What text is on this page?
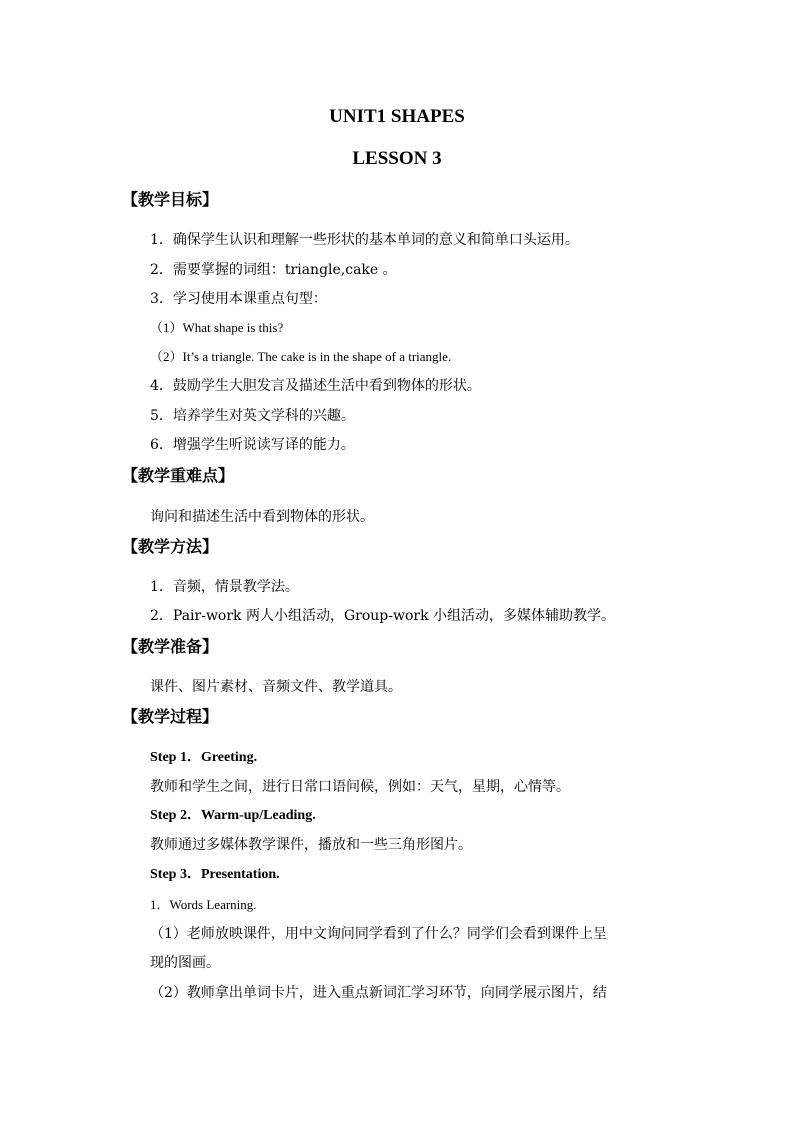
UNIT1 SHAPES
LESSON 3
【教学目标】
1．确保学生认识和理解一些形状的基本单词的意义和简单口头运用。
2．需要掌握的词组：triangle,cake 。
3．学习使用本课重点句型：
（1）What shape is this?
（2）It’s a triangle. The cake is in the shape of a triangle.
4．鼓励学生大胆发言及描述生活中看到物体的形状。
5．培养学生对英文学科的兴趣。
6．增强学生听说读写译的能力。
【教学重难点】
询问和描述生活中看到物体的形状。
【教学方法】
1．音频，情景教学法。
2．Pair-work 两人小组活动，Group-work 小组活动，多媒体辅助教学。
【教学准备】
课件、图片素材、音频文件、教学道具。
【教学过程】
Step 1．Greeting.
教师和学生之间，进行日常口语问候，例如：天气，星期，心情等。
Step 2．Warm-up/Leading.
教师通过多媒体教学课件，播放和一些三角形图片。
Step 3．Presentation.
1．Words Learning.
（1）老师放映课件，用中文询问同学看到了什么？同学们会看到课件上呈
现的图画。
（2）教师拿出单词卡片，进入重点新词汇学习环节，向同学展示图片，结
